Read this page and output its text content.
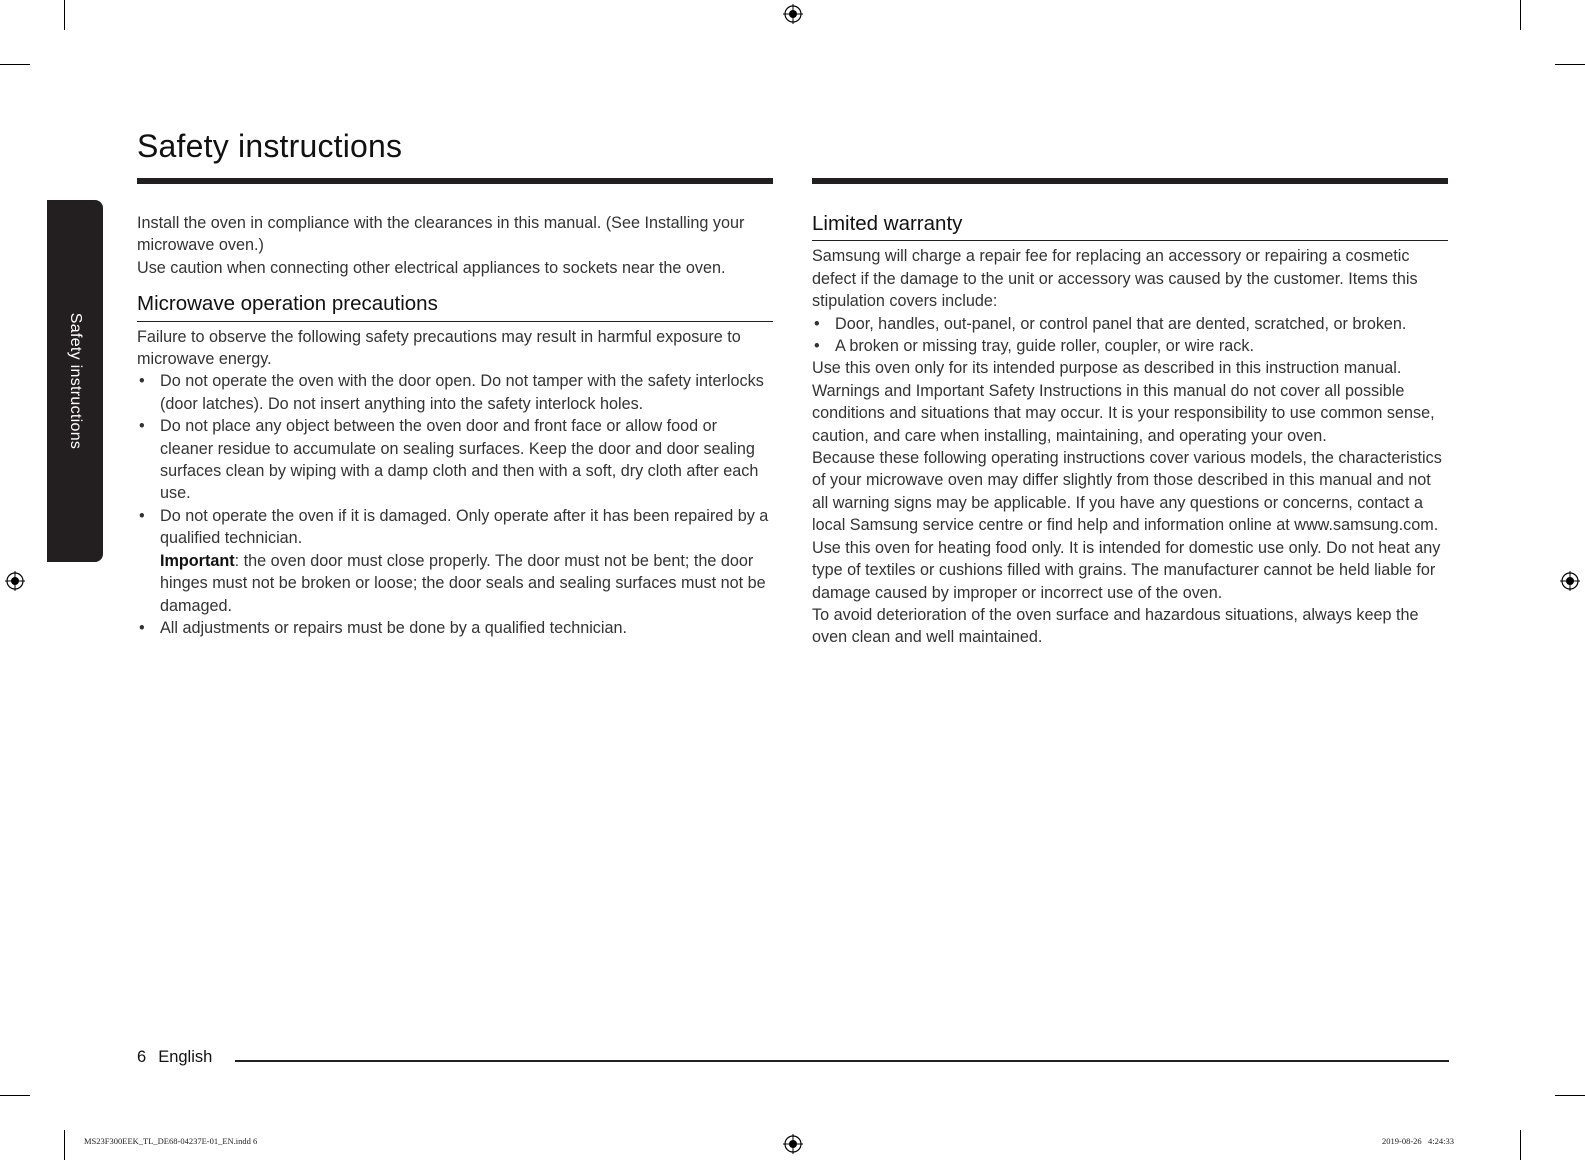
Safety instructions
Safety instructions

Install the oven in compliance with the clearances in this manual. (See Installing your microwave oven.)

Use caution when connecting other electrical appliances to sockets near the oven.

Microwave operation precautions

Failure to observe the following safety precautions may result in harmful exposure to microwave energy.

• Do not operate the oven with the door open. Do not tamper with the safety interlocks (door latches). Do not insert anything into the safety interlock holes.
• Do not place any object between the oven door and front face or allow food or cleaner residue to accumulate on sealing surfaces. Keep the door and door sealing surfaces clean by wiping with a damp cloth and then with a soft, dry cloth after each use.
• Do not operate the oven if it is damaged. Only operate after it has been repaired by a qualified technician.
Important: the oven door must close properly. The door must not be bent; the door hinges must not be broken or loose; the door seals and sealing surfaces must not be damaged.
• All adjustments or repairs must be done by a qualified technician.
Limited warranty

Samsung will charge a repair fee for replacing an accessory or repairing a cosmetic defect if the damage to the unit or accessory was caused by the customer. Items this stipulation covers include:

• Door, handles, out-panel, or control panel that are dented, scratched, or broken.
• A broken or missing tray, guide roller, coupler, or wire rack.

Use this oven only for its intended purpose as described in this instruction manual. Warnings and Important Safety Instructions in this manual do not cover all possible conditions and situations that may occur. It is your responsibility to use common sense, caution, and care when installing, maintaining, and operating your oven.

Because these following operating instructions cover various models, the characteristics of your microwave oven may differ slightly from those described in this manual and not all warning signs may be applicable. If you have any questions or concerns, contact a local Samsung service centre or find help and information online at www.samsung.com.

Use this oven for heating food only. It is intended for domestic use only. Do not heat any type of textiles or cushions filled with grains. The manufacturer cannot be held liable for damage caused by improper or incorrect use of the oven.

To avoid deterioration of the oven surface and hazardous situations, always keep the oven clean and well maintained.

6 English
MS23F300EEK_TL_DE68-04237E-01_EN.indd 6	2019-08-26   4:24:33
